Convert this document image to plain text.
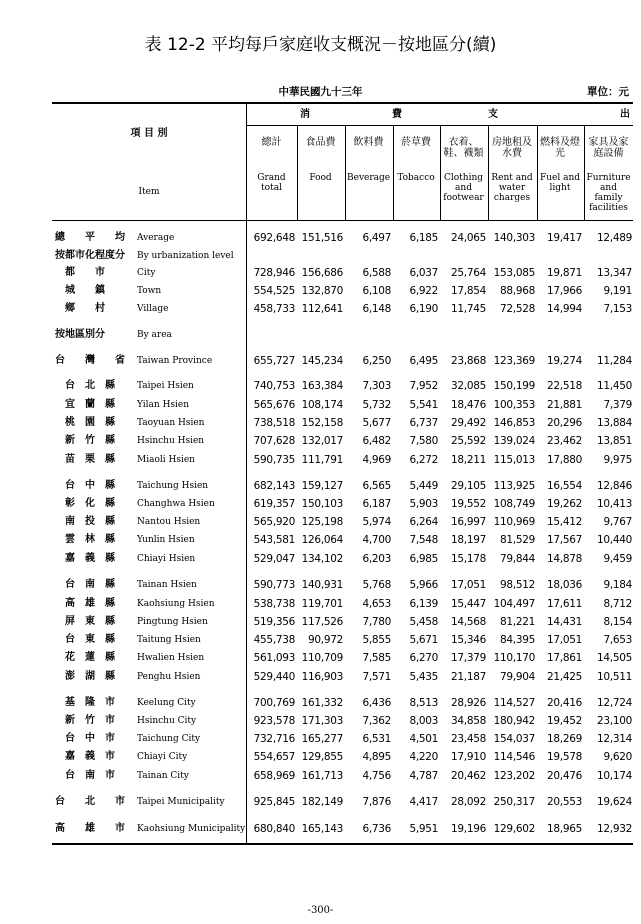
表 12-2 平均每戶家庭收支概況－按地區分(續)
中華民國九十三年	單位：元
項 目 別
Item
消	費	支	出
總計
Grand total
食品費
Food
飲料費
Beverage
菸草費
Tobacco
衣着、鞋、襪類
Clothing and footwear
房地租及水費
Rent and water charges
燃料及燈光
Fuel and light
家具及家庭設備
Furniture and family facilities
總　　平　　均 Average	692,648 151,516	6,497	6,185	24,065 140,303	19,417	12,489
按都市化程度分 By urbanization level
都　　市	City	728,946 156,686	6,588	6,037	25,764 153,085	19,871	13,347
城　　鎮	Town	554,525 132,870	6,108	6,922	17,854	88,968	17,966	9,191
鄉　　村	Village	458,733 112,641	6,148	6,190	11,745	72,528	14,994	7,153
按地區別分	By area
台　　灣　　省 Taiwan Province	655,727 145,234	6,250	6,495	23,868 123,369	19,274	11,284
台　北　縣 Taipei Hsien	740,753 163,384	7,303	7,952	32,085 150,199	22,518	11,450
宜　蘭　縣 Yilan Hsien	565,676 108,174	5,732	5,541	18,476 100,353	21,881	7,379
桃　園　縣 Taoyuan Hsien	738,518 152,158	5,677	6,737	29,492 146,853	20,296	13,884
新　竹　縣 Hsinchu Hsien	707,628 132,017	6,482	7,580	25,592 139,024	23,462	13,851
苗　栗　縣 Miaoli Hsien	590,735 111,791	4,969	6,272	18,211 115,013	17,880	9,975
台　中　縣 Taichung Hsien	682,143 159,127	6,565	5,449	29,105 113,925	16,554	12,846
彰　化　縣 Changhwa Hsien	619,357 150,103	6,187	5,903	19,552 108,749	19,262	10,413
南　投　縣 Nantou Hsien	565,920 125,198	5,974	6,264	16,997 110,969	15,412	9,767
雲　林　縣 Yunlin Hsien	543,581 126,064	4,700	7,548	18,197	81,529	17,567	10,440
嘉　義　縣 Chiayi Hsien	529,047 134,102	6,203	6,985	15,178	79,844	14,878	9,459
台　南　縣 Tainan Hsien	590,773 140,931	5,768	5,966	17,051	98,512	18,036	9,184
高　雄　縣 Kaohsiung Hsien	538,738 119,701	4,653	6,139	15,447 104,497	17,611	8,712
屏　東　縣 Pingtung Hsien	519,356 117,526	7,780	5,458	14,568	81,221	14,431	8,154
台　東　縣 Taitung Hsien	455,738	90,972	5,855	5,671	15,346	84,395	17,051	7,653
花　蓮　縣 Hwalien Hsien	561,093 110,709	7,585	6,270	17,379 110,170	17,861	14,505
澎　湖　縣 Penghu Hsien	529,440 116,903	7,571	5,435	21,187	79,904	21,425	10,511
基　隆　市 Keelung City	700,769 161,332	6,436	8,513	28,926 114,527	20,416	12,724
新　竹　市 Hsinchu City	923,578 171,303	7,362	8,003	34,858 180,942	19,452	23,100
台　中　市 Taichung City	732,716 165,277	6,531	4,501	23,458 154,037	18,269	12,314
嘉　義　市 Chiayi City	554,657 129,855	4,895	4,220	17,910 114,546	19,578	9,620
台　南　市 Tainan City	658,969 161,713	4,756	4,787	20,462 123,202	20,476	10,174
台　　北　　市 Taipei Municipality	925,845 182,149	7,876	4,417	28,092 250,317	20,553	19,624
高　　雄　　市 Kaohsiung Municipality 680,840 165,143	6,736	5,951	19,196 129,602	18,965	12,932
-300-
